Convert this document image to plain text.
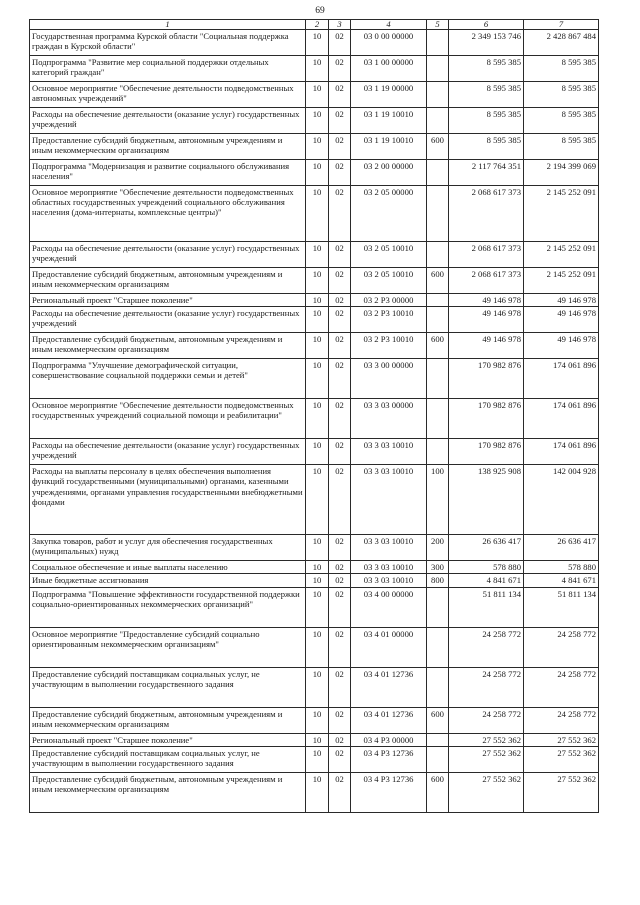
69
1	2	3	4	5	6	7
Государственная программа Курской области "Социальная поддержка граждан в Курской области"	10	02	03 0 00 00000		2 349 153 746	2 428 867 484
Подпрограмма "Развитие мер социальной поддержки отдельных категорий граждан"	10	02	03 1 00 00000		8 595 385	8 595 385
Основное мероприятие "Обеспечение деятельности подведомственных автономных учреждений"	10	02	03 1 19 00000		8 595 385	8 595 385
Расходы на обеспечение деятельности (оказание услуг) государственных учреждений	10	02	03 1 19 10010		8 595 385	8 595 385
Предоставление субсидий бюджетным, автономным учреждениям и иным некоммерческим организациям	10	02	03 1 19 10010	600	8 595 385	8 595 385
Подпрограмма "Модернизация и развитие социального обслуживания населения"	10	02	03 2 00 00000		2 117 764 351	2 194 399 069
Основное мероприятие "Обеспечение деятельности подведомственных областных государственных учреждений социального обслуживания населения (дома-интернаты, комплексные центры)"	10	02	03 2 05 00000		2 068 617 373	2 145 252 091
Расходы на обеспечение деятельности (оказание услуг) государственных учреждений	10	02	03 2 05 10010		2 068 617 373	2 145 252 091
Предоставление субсидий бюджетным, автономным учреждениям и иным некоммерческим организациям	10	02	03 2 05 10010	600	2 068 617 373	2 145 252 091
Региональный проект "Старшее поколение"	10	02	03 2 P3 00000		49 146 978	49 146 978
Расходы на обеспечение деятельности (оказание услуг) государственных учреждений	10	02	03 2 P3 10010		49 146 978	49 146 978
Предоставление субсидий бюджетным, автономным учреждениям и иным некоммерческим организациям	10	02	03 2 P3 10010	600	49 146 978	49 146 978
Подпрограмма "Улучшение демографической ситуации, совершенствование социальной поддержки семьи и детей"	10	02	03 3 00 00000		170 982 876	174 061 896
Основное мероприятие "Обеспечение деятельности подведомственных государственных учреждений социальной помощи и реабилитации"	10	02	03 3 03 00000		170 982 876	174 061 896
Расходы на обеспечение деятельности (оказание услуг) государственных учреждений	10	02	03 3 03 10010		170 982 876	174 061 896
Расходы на выплаты персоналу в целях обеспечения выполнения функций государственными (муниципальными) органами, казенными учреждениями, органами управления государственными внебюджетными фондами	10	02	03 3 03 10010	100	138 925 908	142 004 928
Закупка товаров, работ и услуг для обеспечения государственных (муниципальных) нужд	10	02	03 3 03 10010	200	26 636 417	26 636 417
Социальное обеспечение и иные выплаты населению	10	02	03 3 03 10010	300	578 880	578 880
Иные бюджетные ассигнования	10	02	03 3 03 10010	800	4 841 671	4 841 671
Подпрограмма "Повышение эффективности государственной поддержки социально-ориентированных некоммерческих организаций"	10	02	03 4 00 00000		51 811 134	51 811 134
Основное мероприятие "Предоставление субсидий социально ориентированным некоммерческим организациям"	10	02	03 4 01 00000		24 258 772	24 258 772
Предоставление субсидий поставщикам социальных услуг, не участвующим в выполнении государственного задания	10	02	03 4 01 12736		24 258 772	24 258 772
Предоставление субсидий бюджетным, автономным учреждениям и иным некоммерческим организациям	10	02	03 4 01 12736	600	24 258 772	24 258 772
Региональный проект "Старшее поколение"	10	02	03 4 P3 00000		27 552 362	27 552 362
Предоставление субсидий поставщикам социальных услуг, не участвующим в выполнении государственного задания	10	02	03 4 P3 12736		27 552 362	27 552 362
Предоставление субсидий бюджетным, автономным учреждениям и иным некоммерческим организациям	10	02	03 4 P3 12736	600	27 552 362	27 552 362
